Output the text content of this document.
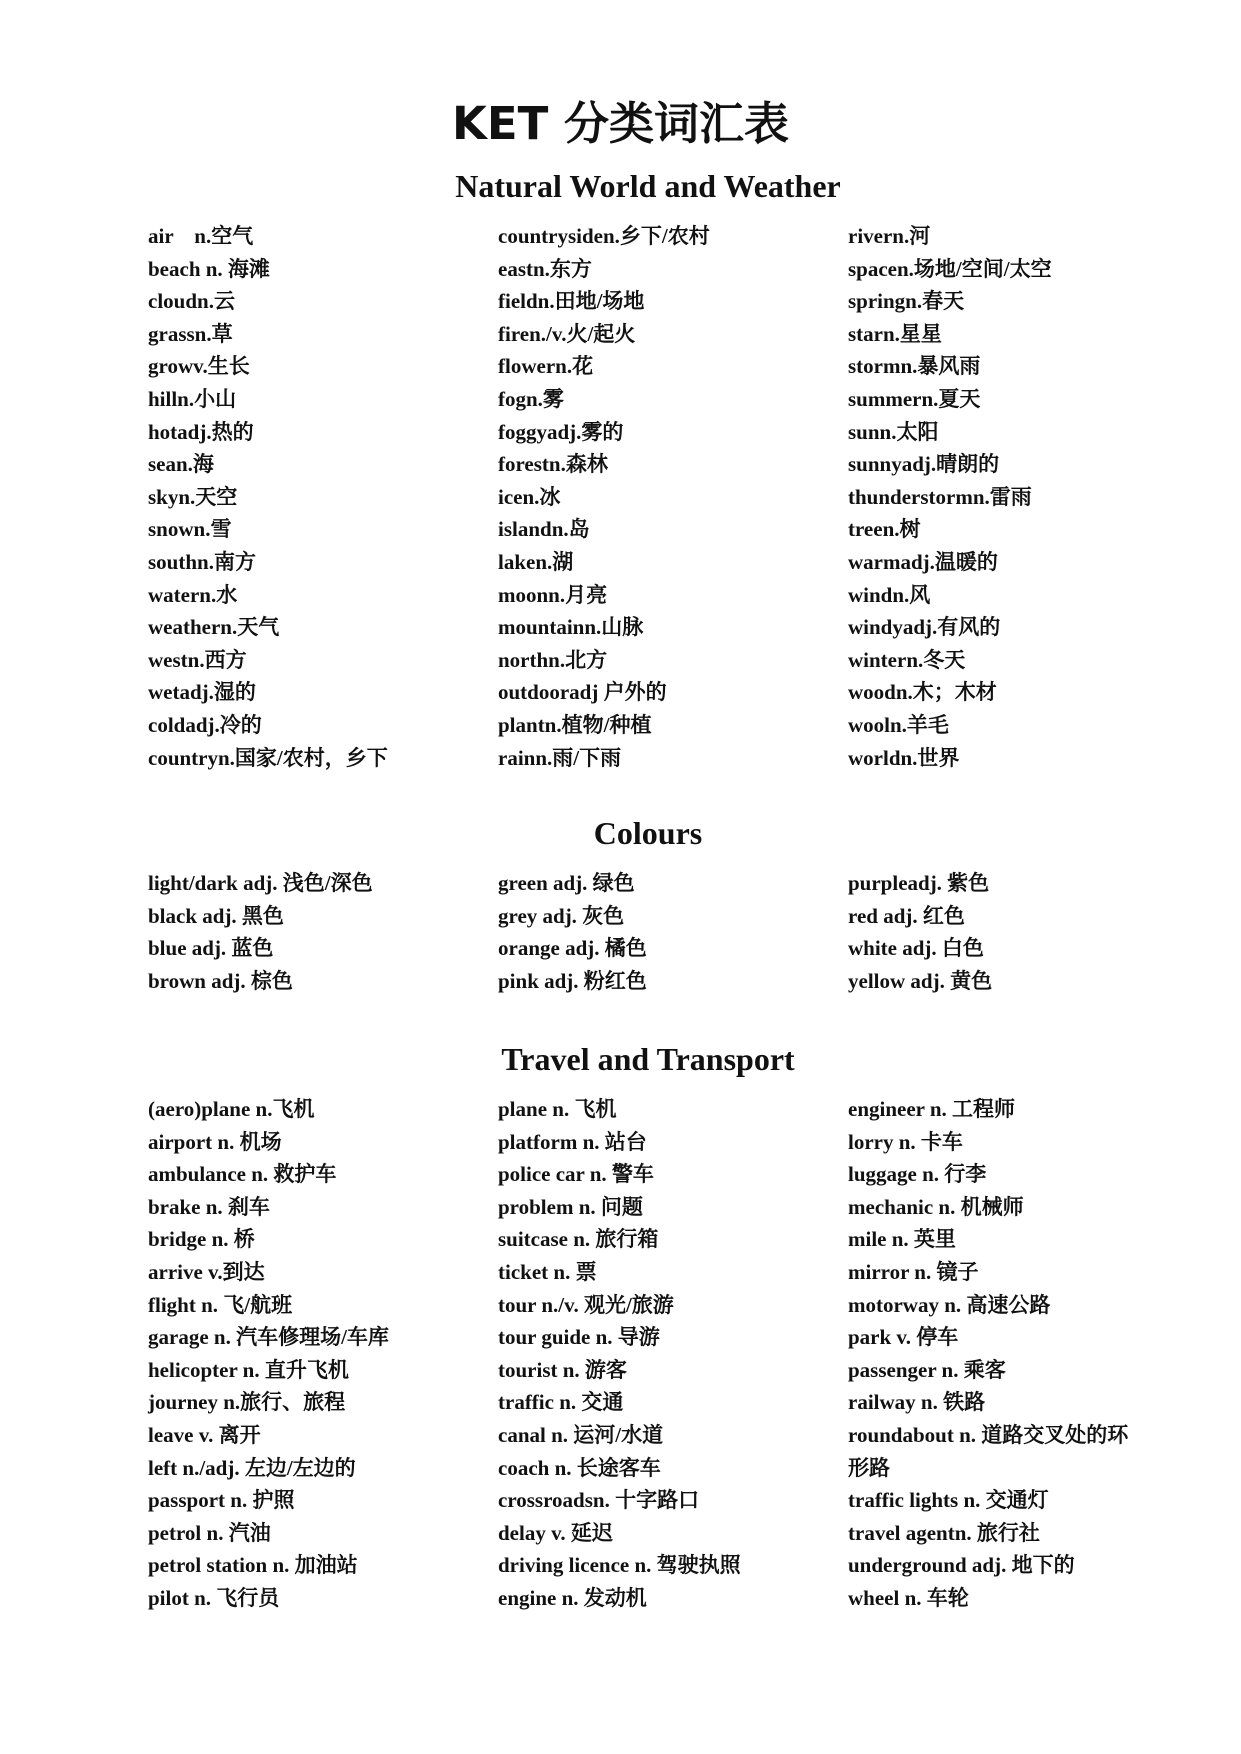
KET 分类词汇表
Natural World and Weather
air　n.空气
beach n. 海滩
cloudn.云
grassn.草
growv.生长
hilln.小山
hotadj.热的
sean.海
skyn.天空
snown.雪
southn.南方
watern.水
weathern.天气
westn.西方
wetadj.湿的
coldadj.冷的
countryn.国家/农村，乡下
countrysiden.乡下/农村
eastn.东方
fieldn.田地/场地
firen./v.火/起火
flowern.花
fogn.雾
foggyadj.雾的
forestn.森林
icen.冰
islandn.岛
laken.湖
moonn.月亮
mountainn.山脉
northn.北方
outdooradj 户外的
plantn.植物/种植
rainn.雨/下雨
rivern.河
spacen.场地/空间/太空
springn.春天
starn.星星
stormn.暴风雨
summern.夏天
sunn.太阳
sunnyadj.晴朗的
thunderstormn.雷雨
treen.树
warmadj.温暖的
windn.风
windyadj.有风的
wintern.冬天
woodn.木；木材
wooln.羊毛
worldn.世界
Colours
light/dark adj. 浅色/深色
black adj. 黑色
blue adj. 蓝色
brown adj. 棕色
green adj. 绿色
grey adj. 灰色
orange adj. 橘色
pink adj. 粉红色
purpleadj. 紫色
red adj. 红色
white adj. 白色
yellow adj. 黄色
Travel and Transport
(aero)plane n.飞机
airport n. 机场
ambulance n. 救护车
brake n. 刹车
bridge n. 桥
arrive v.到达
flight n. 飞/航班
garage n. 汽车修理场/车库
helicopter n. 直升飞机
journey n.旅行、旅程
leave v. 离开
left n./adj. 左边/左边的
passport n. 护照
petrol n. 汽油
petrol station n. 加油站
pilot n. 飞行员
plane n. 飞机
platform n. 站台
police car n. 警车
problem n. 问题
suitcase n. 旅行箱
ticket n. 票
tour n./v. 观光/旅游
tour guide n. 导游
tourist n. 游客
traffic n. 交通
canal n. 运河/水道
coach n. 长途客车
crossroadsn. 十字路口
delay v. 延迟
driving licence n. 驾驶执照
engine n. 发动机
engineer n. 工程师
lorry n. 卡车
luggage n. 行李
mechanic n. 机械师
mile n. 英里
mirror n. 镜子
motorway n. 高速公路
park v. 停车
passenger n. 乘客
railway n. 铁路
roundabout n. 道路交叉处的环形路
traffic lights n. 交通灯
travel agentn. 旅行社
underground adj. 地下的
wheel n. 车轮
